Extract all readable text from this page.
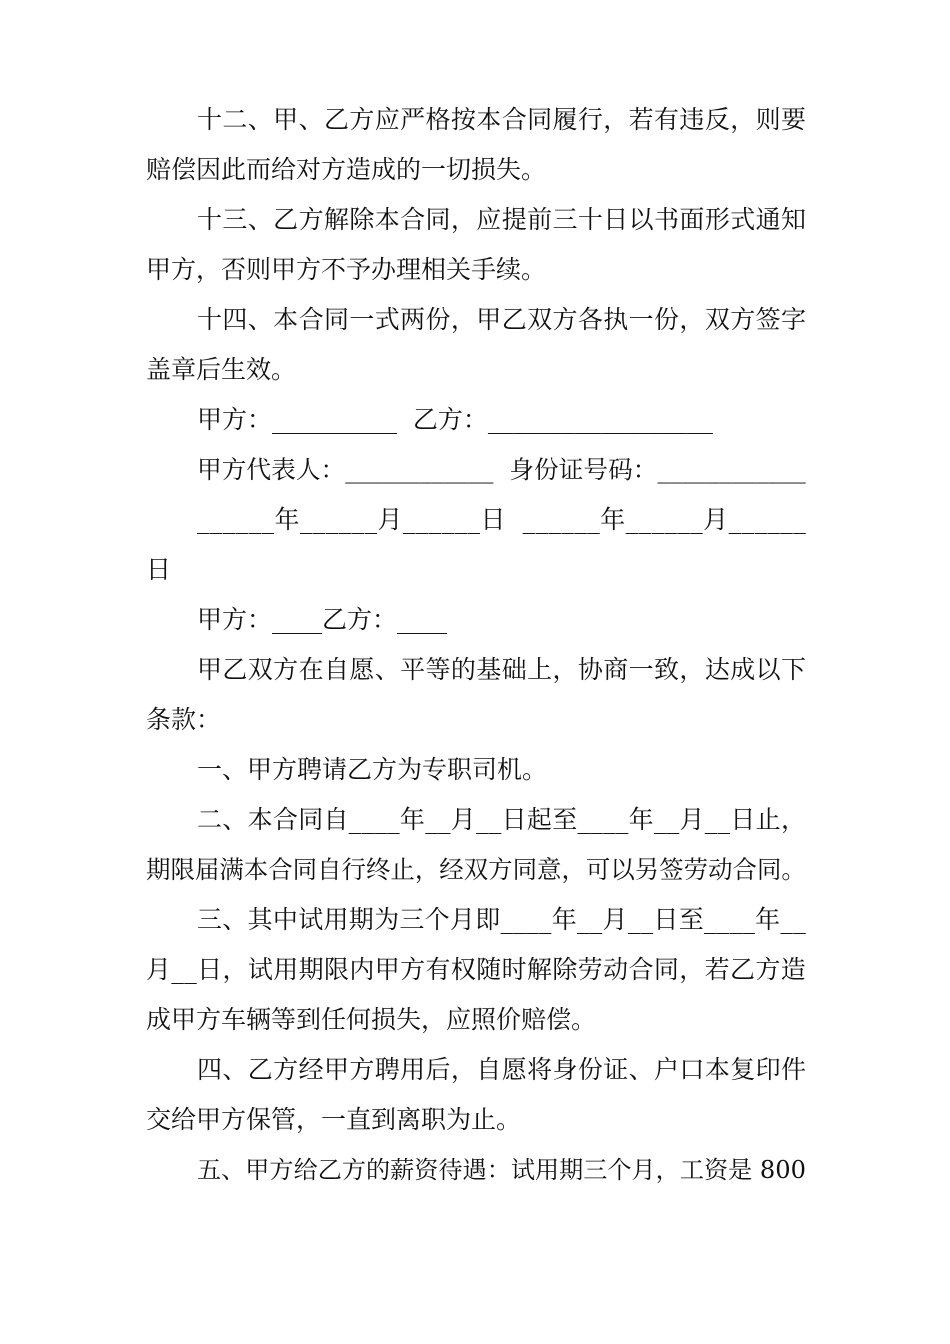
十 二 、 甲 、 乙 方 应 严 格 按 本 合 同 履 行 ， 若 有 违 反 ， 则 要
赔偿因此而给对方造成的一切损失。
十 三 、 乙 方 解 除 本 合 同 ， 应 提 前 三 十 日 以 书 面 形 式 通 知
甲方，否则甲方不予办理相关手续。
十 四 、 本 合 同 一 式 两 份 ， 甲 乙 双 方 各 执 一 份 ， 双 方 签 字
盖章后生效。
甲方：__________  乙方：__________________
甲 方 代 表 人 ： _ _ _ _ _ _ _ _ _ _ _ _

身 份 证 号 码 ： _ _ _ _ _ _ _ _ _ _ _ _
_ _ _ _ _ _ 年 _ _ _ _ _ _ 月 _ _ _ _ _ _ 日

_ _ _ _ _ _ 年 _ _ _ _ _ _ 月 _ _ _ _ _ _
日
甲方：____乙方：____
甲 乙 双 方 在 自 愿 、 平 等 的 基 础 上 ， 协 商 一 致 ， 达 成 以 下
条款：
一、甲方聘请乙方为专职司机。
二 、 本 合 同 自 _ _ _ _ 年 _ _ 月 _ _ 日 起 至 _ _ _ _ 年 _ _ 月 _ _ 日 止 ，
期 限 届 满 本 合 同 自 行 终 止 ， 经 双 方 同 意 ， 可 以 另 签 劳 动 合 同 。
三 、 其 中 试 用 期 为 三 个 月 即 _ _ _ _ 年 _ _ 月 _ _ 日 至 _ _ _ _ 年 _ _
月 _ _ 日 ， 试 用 期 限 内 甲 方 有 权 随 时 解 除 劳 动 合 同 ， 若 乙 方 造
成甲方车辆等到任何损失，应照价赔偿。
四 、 乙 方 经 甲 方 聘 用 后 ， 自 愿 将 身 份 证 、 户 口 本 复 印 件
交给甲方保管，一直到离职为止。
五 、 甲 方 给 乙 方 的 薪 资 待 遇 ： 试 用 期 三 个 月 ， 工 资 是
8 0 0
